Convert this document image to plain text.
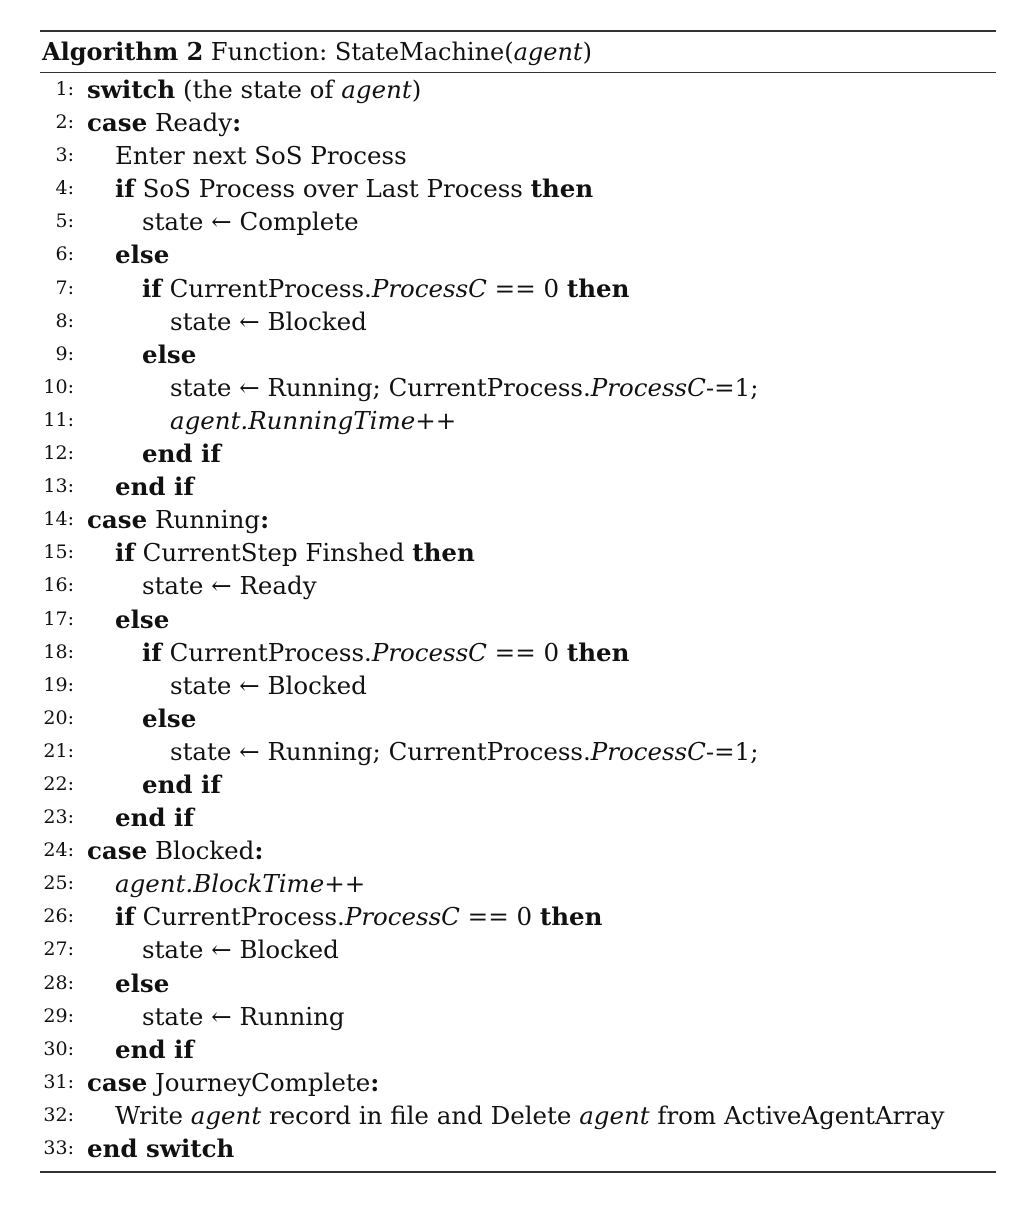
Algorithm 2 Function: StateMachine(agent)
1: switch (the state of agent)
2: case Ready:
3: Enter next SoS Process
4: if SoS Process over Last Process then
5:	state ← Complete
6: else
7:	if CurrentProcess.ProcessC == 0 then
8:	state ← Blocked
9:	else
10:	state ← Running; CurrentProcess.ProcessC-=1;
11:	agent.RunningTime++
12:	end if
13: end if
14: case Running:
15: if CurrentStep Finshed then
16:	state ← Ready
17: else
18:	if CurrentProcess.ProcessC == 0 then
19:	state ← Blocked
20:	else
21:	state ← Running; CurrentProcess.ProcessC-=1;
22:	end if
23: end if
24: case Blocked:
25: agent.BlockTime++
26: if CurrentProcess.ProcessC == 0 then
27:	state ← Blocked
28: else
29:	state ← Running
30: end if
31: case JourneyComplete:
32: Write agent record in file and Delete agent from ActiveAgentArray
33: end switch
